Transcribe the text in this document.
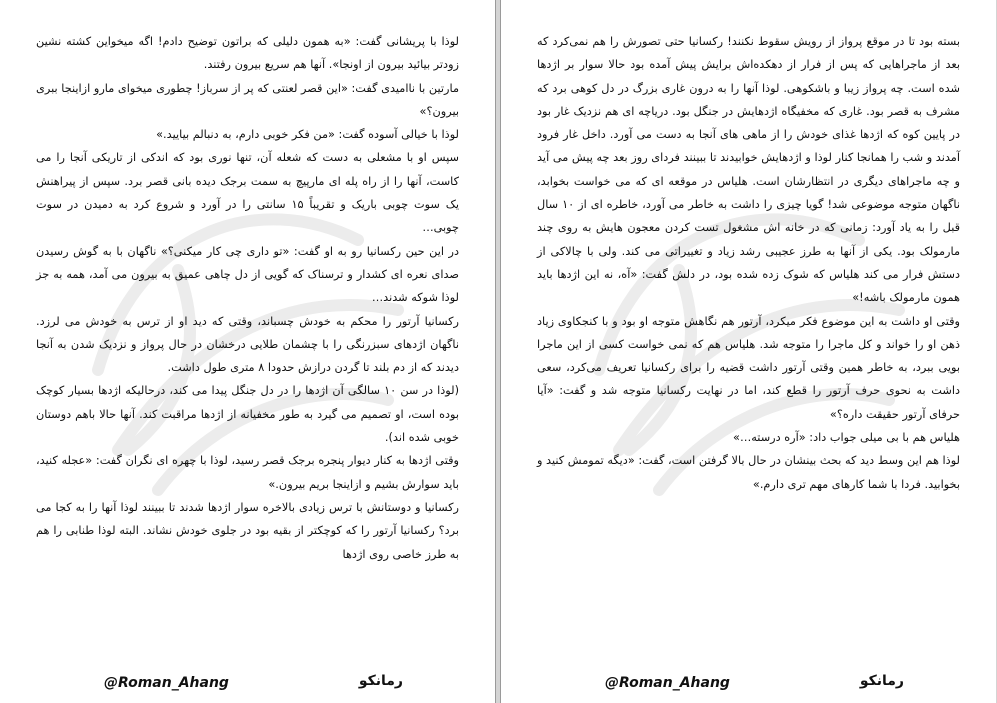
لوذا با پریشانی گفت: «به همون دلیلی که براتون توضیح دادم! اگه میخواین کشته نشین زودتر بیائید بیرون از اونجا». آنها هم سریع بیرون رفتند.

مارتین با ناامیدی گفت: «این قصر لعنتی که پر از سرباز! چطوری میخوای مارو ازاینجا ببری بیرون؟»

لوذا با خیالی آسوده گفت: «من فکر خوبی دارم، به دنبالم بیایید.»

سپس او با مشعلی به دست که شعله آن، تنها نوری بود که اندکی از تاریکی آنجا را می کاست، آنها را از راه پله ای مارپیچ به سمت برجک دیده بانی قصر برد. سپس از پیراهنش یک سوت چوبی باریک و تقریباً ۱۵ سانتی را در آورد و شروع کرد به دمیدن در سوت چوبی…

در این حین رکسانیا رو به او گفت: «تو داری چی کار میکنی؟» ناگهان با به گوش رسیدن صدای نعره ای کشدار و ترسناک که گویی از دل چاهی عمیق به بیرون می آمد، همه به جز لوذا شوکه شدند…

رکسانیا آرتور را محکم به خودش چسباند، وقتی که دید او از ترس به خودش می لرزد. ناگهان اژدهای سبزرنگی را با چشمان طلایی درخشان در حال پرواز و نزدیک شدن به آنجا دیدند که از دم بلند تا گردن درازش حدودا ۸ متری طول داشت.

(لوذا در سن ۱۰ سالگی آن اژدها را در دل جنگل پیدا می کند، درحالیکه اژدها بسیار کوچک بوده است، او تصمیم می گیرد به طور مخفیانه از اژدها مراقبت کند. آنها حالا باهم دوستان خوبی شده اند).

وقتی اژدها به کنار دیوار پنجره برجک قصر رسید، لوذا با چهره ای نگران گفت: «عجله کنید، باید سوارش بشیم و ازاینجا بریم بیرون.»

رکسانیا و دوستانش با ترس زیادی بالاخره سوار اژدها شدند تا ببینند لوذا آنها را به کجا می برد؟ رکسانیا آرتور را که کوچکتر از بقیه بود در جلوی خودش نشاند. البته لوذا طنابی را هم به طرز خاصی روی اژدها

@Roman_Ahang	رمانکو

بسته بود تا در موقع پرواز از رویش سقوط نکنند! رکسانیا حتی تصورش را هم نمی‌کرد که بعد از ماجراهایی که پس از فرار از دهکده‌اش برایش پیش آمده بود حالا سوار بر اژدها شده است. چه پرواز زیبا و باشکوهی. لوذا آنها را به درون غاری بزرگ در دل کوهی برد که مشرف به قصر بود. غاری که مخفیگاه اژدهایش در جنگل بود. دریاچه ای هم نزدیک غار بود در پایین کوه که اژدها غذای خودش را از ماهی های آنجا به دست می آورد. داخل غار فرود آمدند و شب را همانجا کنار لوذا و اژدهایش خوابیدند تا ببینند فردای روز بعد چه پیش می آید و چه ماجراهای دیگری در انتظارشان است. هلیاس در موقعه ای که می خواست بخوابد، ناگهان متوجه موضوعی شد! گویا چیزی را داشت به خاطر می آورد، خاطره ای از ۱۰ سال قبل را به یاد آورد: زمانی که در خانه اش مشغول تست کردن معجون هایش به روی چند مارمولک بود. یکی از آنها به طرز عجیبی رشد زیاد و تغییراتی می کند. ولی با چالاکی از دستش فرار می کند هلیاس که شوک زده شده بود، در دلش گفت: «آه، نه این اژدها باید همون مارمولک باشه!»

وقتی او داشت به این موضوع فکر میکرد، آرتور هم نگاهش متوجه او بود و با کنجکاوی زیاد ذهن او را خواند و کل ماجرا را متوجه شد. هلیاس هم که نمی خواست کسی از این ماجرا بویی ببرد، به خاطر همین وقتی آرتور داشت قضیه را برای رکسانیا تعریف می‌کرد، سعی داشت به نحوی حرف آرتور را قطع کند، اما در نهایت رکسانیا متوجه شد و گفت: «آیا حرفای آرتور حقیقت داره؟»

هلیاس هم با بی میلی جواب داد: «آره درسته…»

لوذا هم این وسط دید که بحث بینشان در حال بالا گرفتن است، گفت: «دیگه تمومش کنید و بخوابید. فردا با شما کارهای مهم تری دارم.»

@Roman_Ahang	رمانکو
